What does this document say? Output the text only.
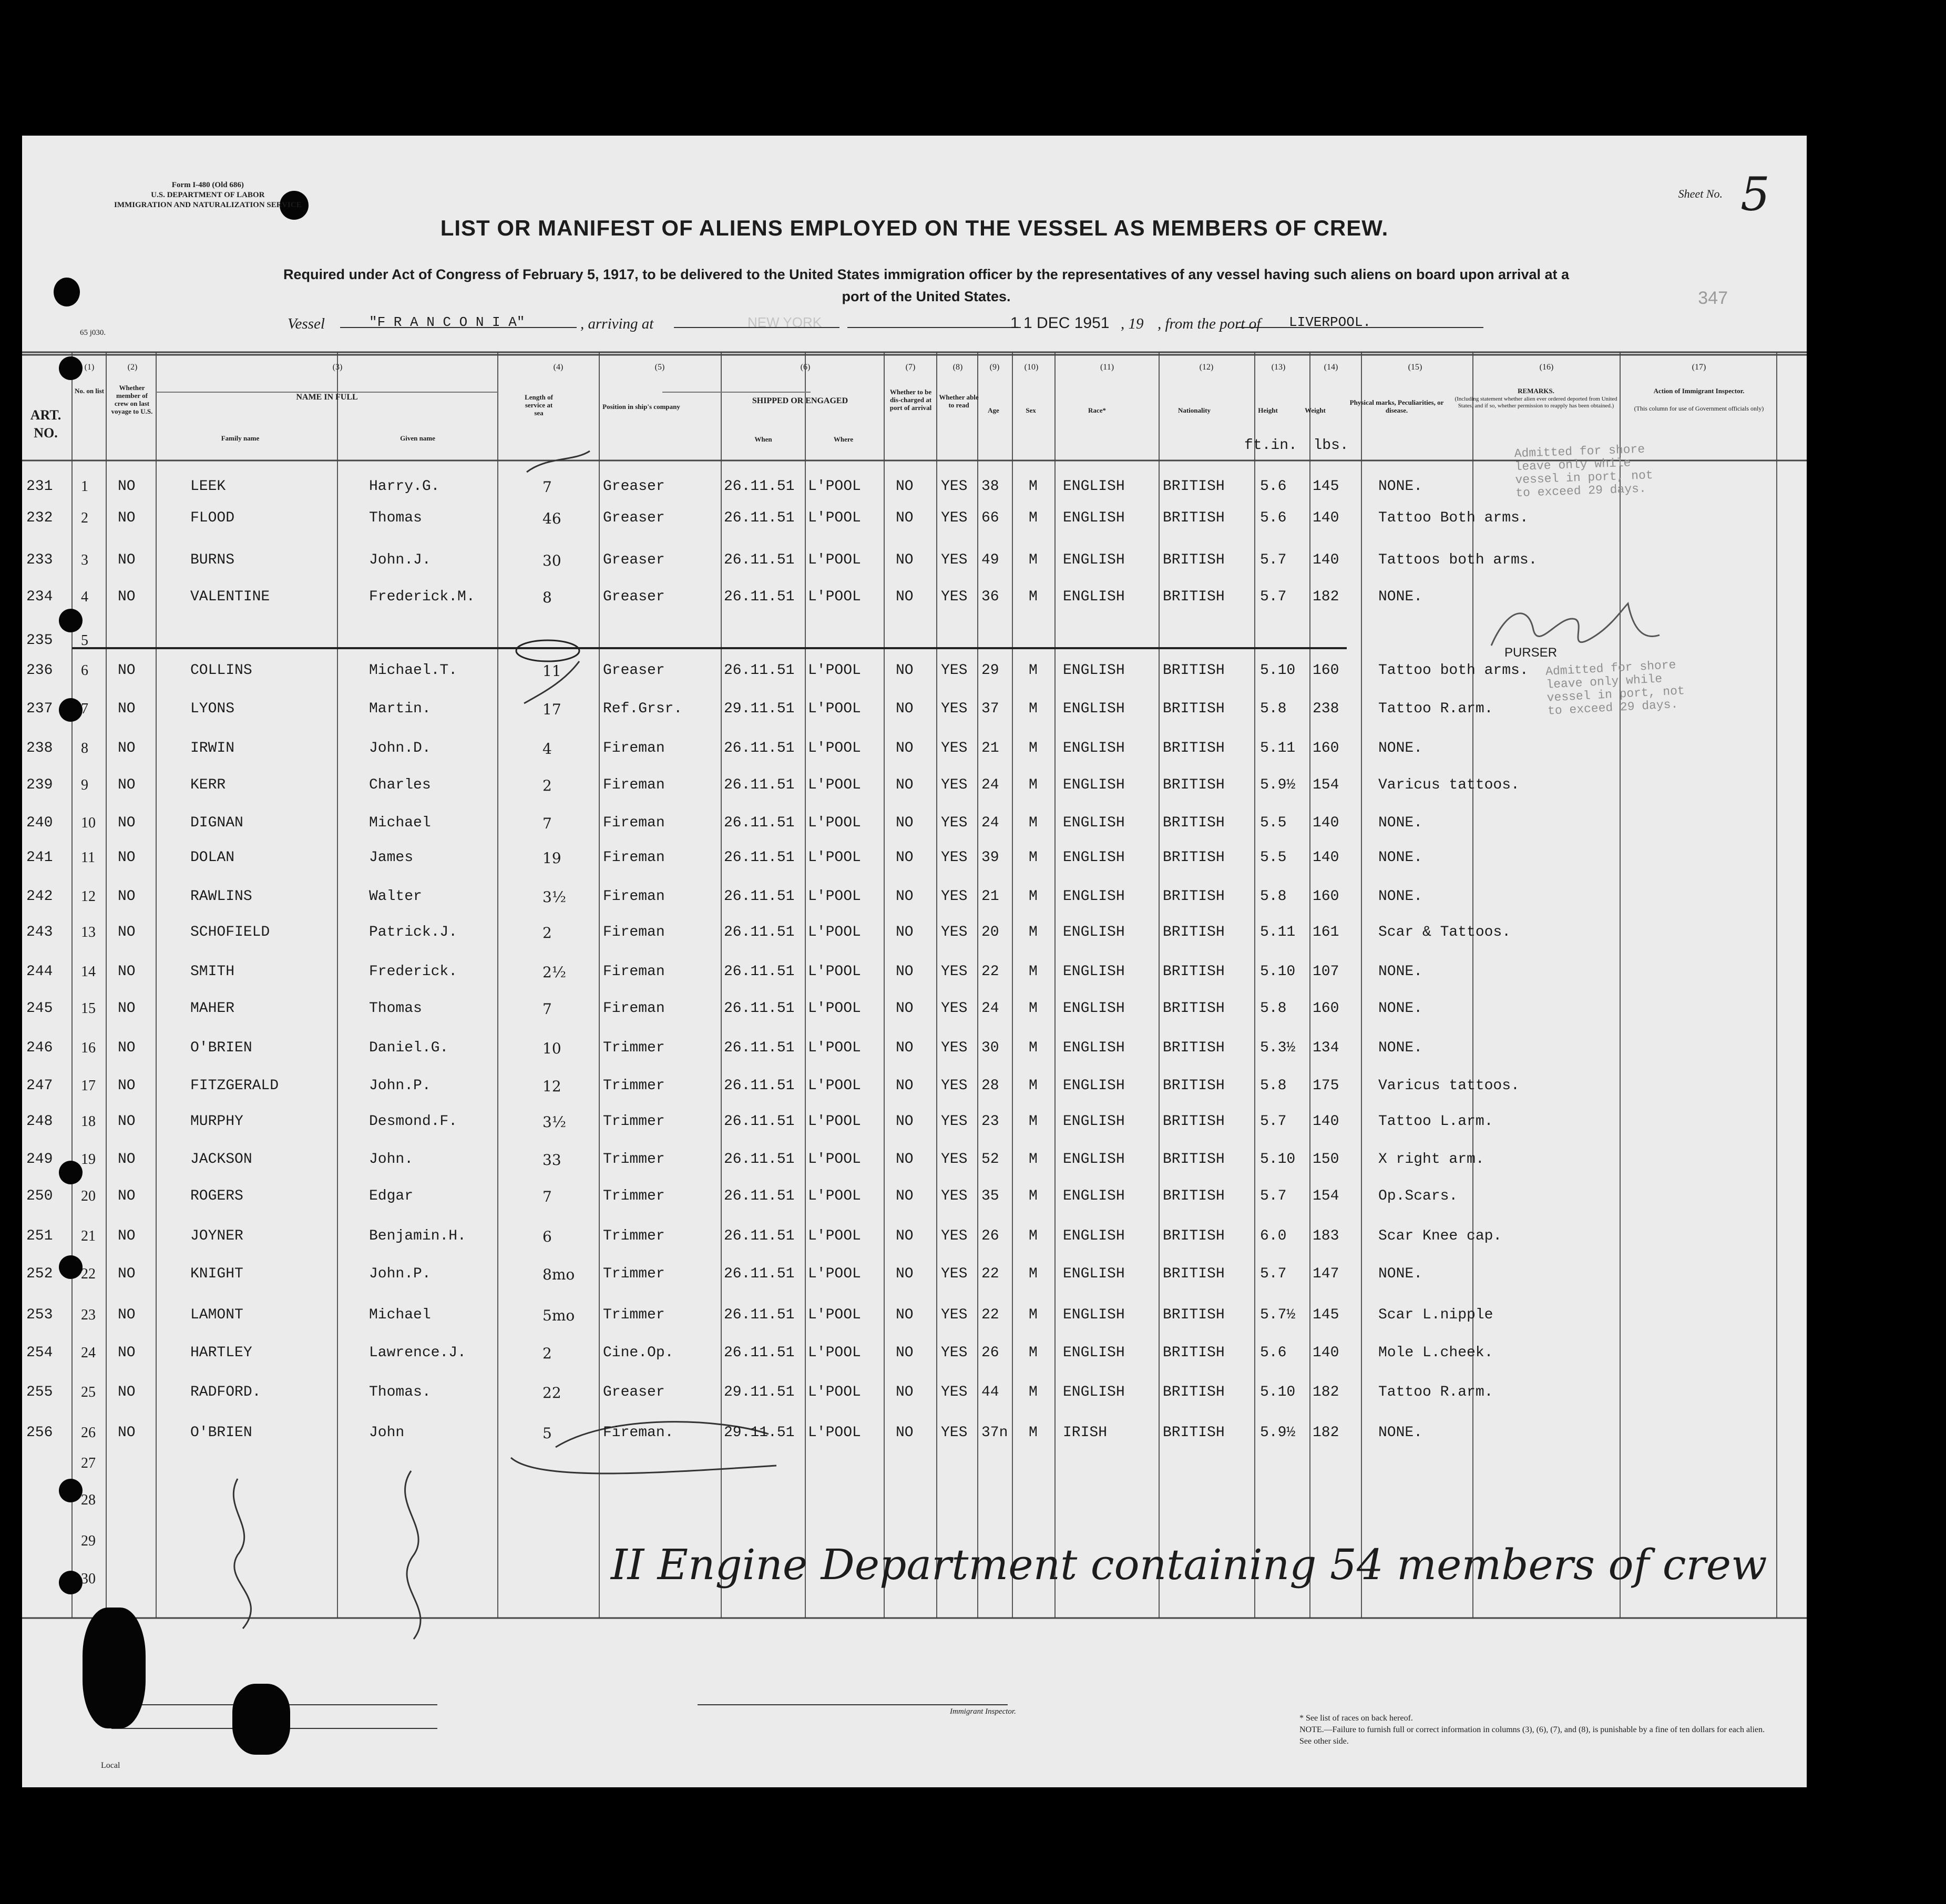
Form I-480 (Old 686)
U.S. DEPARTMENT OF LABOR
IMMIGRATION AND NATURALIZATION SERVICE
65 j030.
Sheet No. 5
LIST OR MANIFEST OF ALIENS EMPLOYED ON THE VESSEL AS MEMBERS OF CREW.
Required under Act of Congress of February 5, 1917, to be delivered to the United States immigration officer by the representatives of any vessel having such aliens on board upon arrival at a port of the United States.	347
Vessel	"F R A N C O N I A"	, arriving at	NEW YORK	1 1 DEC 1951 , 19 , from the port of LIVERPOOL.
ART. NO.
No. on list	Whether member of crew on last voyage to U.S.
NAME IN FULL
Family name	Given name
Length of service at sea
Position in ship's company
SHIPPED OR ENGAGED
When	Where
Whether to be dis-charged at port of arrival
Whether able to read
Age	Sex	Race*	Nationality	Height	Weight
Physical marks, Peculiarities, or disease.
REMARKS.
(Including statement whether alien ever ordered deported from United States, and if so, whether permission to reapply has been obtained.)
Action of Immigrant Inspector.
(This column for use of Government officials only)
ft.in.	lbs.
(1)	(2)	(3)	(4)	(5)	(6)	(7)	(8)	(9)	(10)	(11)	(12)	(13)	(14)	(15)	(16)	(17)
231 1 NO	LEEK	Harry.G.	7	Greaser	26.11.51 L'POOL NO YES 38 M ENGLISH	BRITISH 5.6 145	NONE.
232 2 NO	FLOOD	Thomas	46	Greaser	26.11.51 L'POOL NO YES 66 M ENGLISH	BRITISH 5.6 140	Tattoo Both arms.
233 3 NO	BURNS	John.J.	30	Greaser	26.11.51 L'POOL NO YES 49 M ENGLISH	BRITISH 5.7 140	Tattoos both arms.
234 4 NO	VALENTINE	Frederick.M.	8	Greaser	26.11.51 L'POOL NO YES 36 M ENGLISH	BRITISH 5.7 182	NONE.
235 5
236 6 NO	COLLINS	Michael.T.	11	Greaser	26.11.51 L'POOL NO YES 29 M ENGLISH	BRITISH 5.10 160	Tattoo both arms.
237 7 NO	LYONS	Martin.	17	Ref.Grsr.	29.11.51 L'POOL NO YES 37 M ENGLISH	BRITISH 5.8 238	Tattoo R.arm.
238 8 NO	IRWIN	John.D.	4	Fireman	26.11.51 L'POOL NO YES 21 M ENGLISH	BRITISH 5.11 160	NONE.
239 9 NO	KERR	Charles	2	Fireman	26.11.51 L'POOL NO YES 24 M ENGLISH	BRITISH 5.9½ 154	Varicus tattoos.
240 10 NO	DIGNAN	Michael	7	Fireman	26.11.51 L'POOL NO YES 24 M ENGLISH	BRITISH 5.5 140	NONE.
241 11 NO	DOLAN	James	19	Fireman	26.11.51 L'POOL NO YES 39 M ENGLISH	BRITISH 5.5 140	NONE.
242 12 NO	RAWLINS	Walter	3½	Fireman	26.11.51 L'POOL NO YES 21 M ENGLISH	BRITISH 5.8 160	NONE.
243 13 NO	SCHOFIELD	Patrick.J.	2	Fireman	26.11.51 L'POOL NO YES 20 M ENGLISH	BRITISH 5.11 161	Scar & Tattoos.
244 14 NO	SMITH	Frederick.	2½	Fireman	26.11.51 L'POOL NO YES 22 M ENGLISH	BRITISH 5.10 107	NONE.
245 15 NO	MAHER	Thomas	7	Fireman	26.11.51 L'POOL NO YES 24 M ENGLISH	BRITISH 5.8 160	NONE.
246 16 NO	O'BRIEN	Daniel.G.	10	Trimmer	26.11.51 L'POOL NO YES 30 M ENGLISH	BRITISH 5.3½ 134	NONE.
247 17 NO	FITZGERALD	John.P.	12	Trimmer	26.11.51 L'POOL NO YES 28 M ENGLISH	BRITISH 5.8 175	Varicus tattoos.
248 18 NO	MURPHY	Desmond.F.	3½	Trimmer	26.11.51 L'POOL NO YES 23 M ENGLISH	BRITISH 5.7 140	Tattoo L.arm.
249 19 NO	JACKSON	John.	33	Trimmer	26.11.51 L'POOL NO YES 52 M ENGLISH	BRITISH 5.10 150	X right arm.
250 20 NO	ROGERS	Edgar	7	Trimmer	26.11.51 L'POOL NO YES 35 M ENGLISH	BRITISH 5.7 154	Op.Scars.
251 21 NO	JOYNER	Benjamin.H.	6	Trimmer	26.11.51 L'POOL NO YES 26 M ENGLISH	BRITISH 6.0 183	Scar Knee cap.
252 22 NO	KNIGHT	John.P.	8mo Trimmer	26.11.51 L'POOL NO YES 22 M ENGLISH	BRITISH 5.7 147	NONE.
253 23 NO	LAMONT	Michael	5mo Trimmer	26.11.51 L'POOL NO YES 22 M ENGLISH	BRITISH 5.7½ 145	Scar L.nipple
254 24 NO	HARTLEY	Lawrence.J.	2	Cine.Op.	26.11.51 L'POOL NO YES 26 M ENGLISH	BRITISH 5.6 140	Mole L.cheek.
255 25 NO	RADFORD.	Thomas.	22	Greaser	29.11.51 L'POOL NO YES 44 M ENGLISH	BRITISH 5.10 182	Tattoo R.arm.
256 26 NO	O'BRIEN	John	5	Fireman.	29.11.51 L'POOL NO YES 37n M IRISH	BRITISH 5.9½ 182	NONE.
27
28
29
30
Admitted for shore leave only while vessel in port, not to exceed 29 days.
Admitted for shore leave only while vessel in port, not to exceed 29 days.
PURSER
II Engine Department containing 54 members of crew
Immigrant Inspector.
* See list of races on back hereof.
NOTE.—Failure to furnish full or correct information in columns (3), (6), (7), and (8), is punishable by a fine of ten dollars for each alien. See other side.
Local
